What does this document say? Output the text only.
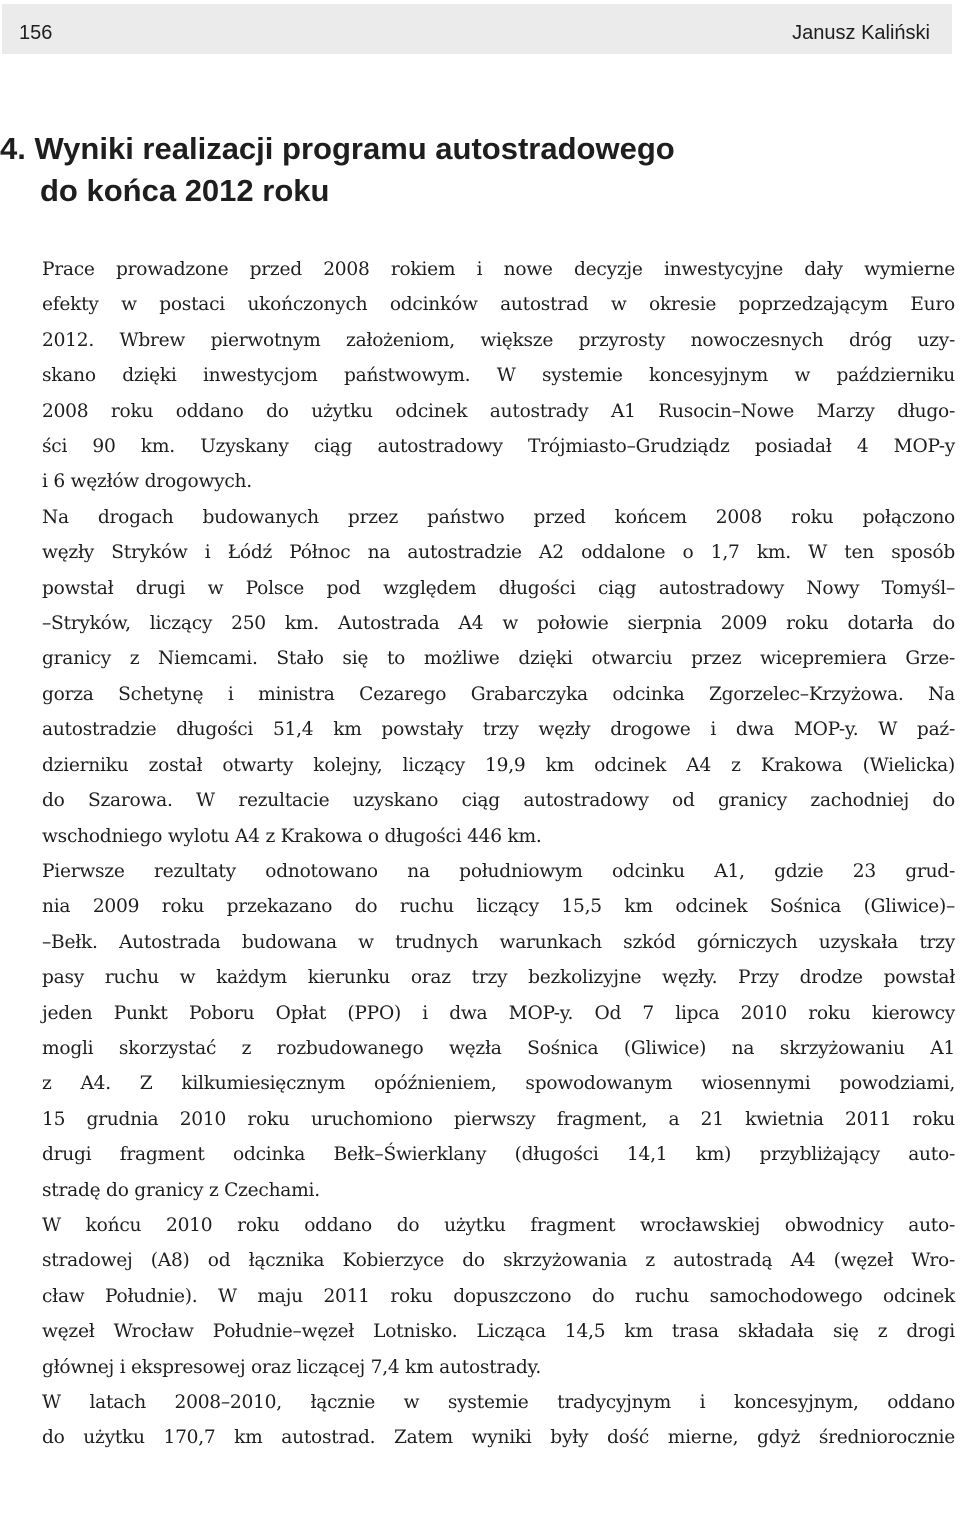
156	Janusz Kaliński
4. Wyniki realizacji programu autostradowego
do końca 2012 roku

Prace prowadzone przed 2008 rokiem i nowe decyzje inwestycyjne dały wymierne
efekty w postaci ukończonych odcinków autostrad w okresie poprzedzającym Euro
2012. Wbrew pierwotnym założeniom, większe przyrosty nowoczesnych dróg uzy-
skano dzięki inwestycjom państwowym. W systemie koncesyjnym w październiku
2008 roku oddano do użytku odcinek autostrady A1 Rusocin–Nowe Marzy długo-
ści 90 km. Uzyskany ciąg autostradowy Trójmiasto–Grudziądz posiadał 4 MOP-y
i 6 węzłów drogowych.

Na drogach budowanych przez państwo przed końcem 2008 roku połączono
węzły Stryków i Łódź Północ na autostradzie A2 oddalone o 1,7 km. W ten sposób
powstał drugi w Polsce pod względem długości ciąg autostradowy Nowy Tomyśl–
–Stryków, liczący 250 km. Autostrada A4 w połowie sierpnia 2009 roku dotarła do
granicy z Niemcami. Stało się to możliwe dzięki otwarciu przez wicepremiera Grze-
gorza Schetynę i ministra Cezarego Grabarczyka odcinka Zgorzelec–Krzyżowa. Na
autostradzie długości 51,4 km powstały trzy węzły drogowe i dwa MOP-y. W paź-
dzierniku został otwarty kolejny, liczący 19,9 km odcinek A4 z Krakowa (Wielicka)
do Szarowa. W rezultacie uzyskano ciąg autostradowy od granicy zachodniej do
wschodniego wylotu A4 z Krakowa o długości 446 km.

Pierwsze rezultaty odnotowano na południowym odcinku A1, gdzie 23 grud-
nia 2009 roku przekazano do ruchu liczący 15,5 km odcinek Sośnica (Gliwice)–
–Bełk. Autostrada budowana w trudnych warunkach szkód górniczych uzyskała trzy
pasy ruchu w każdym kierunku oraz trzy bezkolizyjne węzły. Przy drodze powstał
jeden Punkt Poboru Opłat (PPO) i dwa MOP-y. Od 7 lipca 2010 roku kierowcy
mogli skorzystać z rozbudowanego węzła Sośnica (Gliwice) na skrzyżowaniu A1
z A4. Z kilkumiesięcznym opóźnieniem, spowodowanym wiosennymi powodziami,
15 grudnia 2010 roku uruchomiono pierwszy fragment, a 21 kwietnia 2011 roku
drugi fragment odcinka Bełk–Świerklany (długości 14,1 km) przybliżający auto-
stradę do granicy z Czechami.

W końcu 2010 roku oddano do użytku fragment wrocławskiej obwodnicy auto-
stradowej (A8) od łącznika Kobierzyce do skrzyżowania z autostradą A4 (węzeł Wro-
cław Południe). W maju 2011 roku dopuszczono do ruchu samochodowego odcinek
węzeł Wrocław Południe–węzeł Lotnisko. Licząca 14,5 km trasa składała się z drogi
głównej i ekspresowej oraz liczącej 7,4 km autostrady.

W latach 2008–2010, łącznie w systemie tradycyjnym i koncesyjnym, oddano
do użytku 170,7 km autostrad. Zatem wyniki były dość mierne, gdyż średniorocznie
